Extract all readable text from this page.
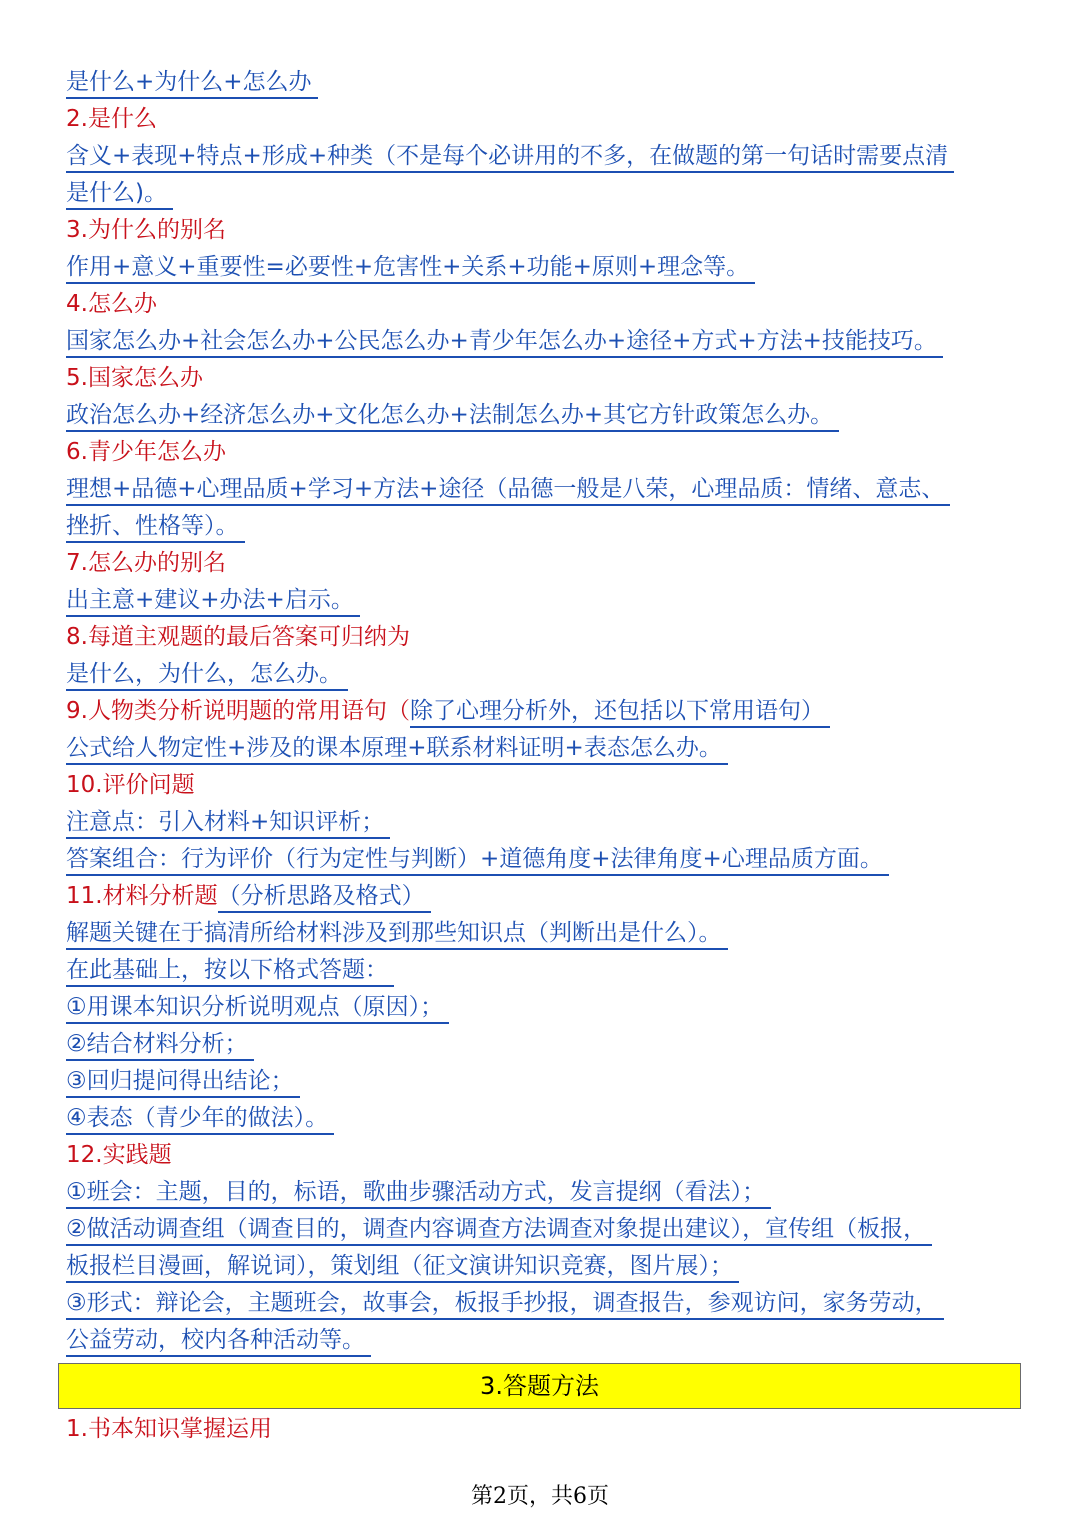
是什么+为什么+怎么办
2.是什么
含义+表现+特点+形成+种类（不是每个必讲用的不多，在做题的第一句话时需要点清
是什么)。
3.为什么的别名
作用+意义+重要性=必要性+危害性+关系+功能+原则+理念等。
4.怎么办
国家怎么办+社会怎么办+公民怎么办+青少年怎么办+途径+方式+方法+技能技巧。
5.国家怎么办
政治怎么办+经济怎么办+文化怎么办+法制怎么办+其它方针政策怎么办。
6.青少年怎么办
理想+品德+心理品质+学习+方法+途径（品德一般是八荣，心理品质：情绪、意志、
挫折、性格等）。
7.怎么办的别名
出主意+建议+办法+启示。
8.每道主观题的最后答案可归纳为
是什么，为什么，怎么办。
9.人物类分析说明题的常用语句（除了心理分析外，还包括以下常用语句）
公式给人物定性+涉及的课本原理+联系材料证明+表态怎么办。
10.评价问题
注意点：引入材料+知识评析；
答案组合：行为评价（行为定性与判断）+道德角度+法律角度+心理品质方面。
11.材料分析题（分析思路及格式）
解题关键在于搞清所给材料涉及到那些知识点（判断出是什么）。
在此基础上，按以下格式答题：
①用课本知识分析说明观点（原因）；
②结合材料分析；
③回归提问得出结论；
④表态（青少年的做法）。
12.实践题
①班会：主题，目的，标语，歌曲步骤活动方式，发言提纲（看法）；
②做活动调查组（调查目的，调查内容调查方法调查对象提出建议），宣传组（板报，
板报栏目漫画，解说词），策划组（征文演讲知识竞赛，图片展）；
③形式：辩论会，主题班会，故事会，板报手抄报，调查报告，参观访问，家务劳动，
公益劳动，校内各种活动等。
3.答题方法
1.书本知识掌握运用
第2页，共6页
